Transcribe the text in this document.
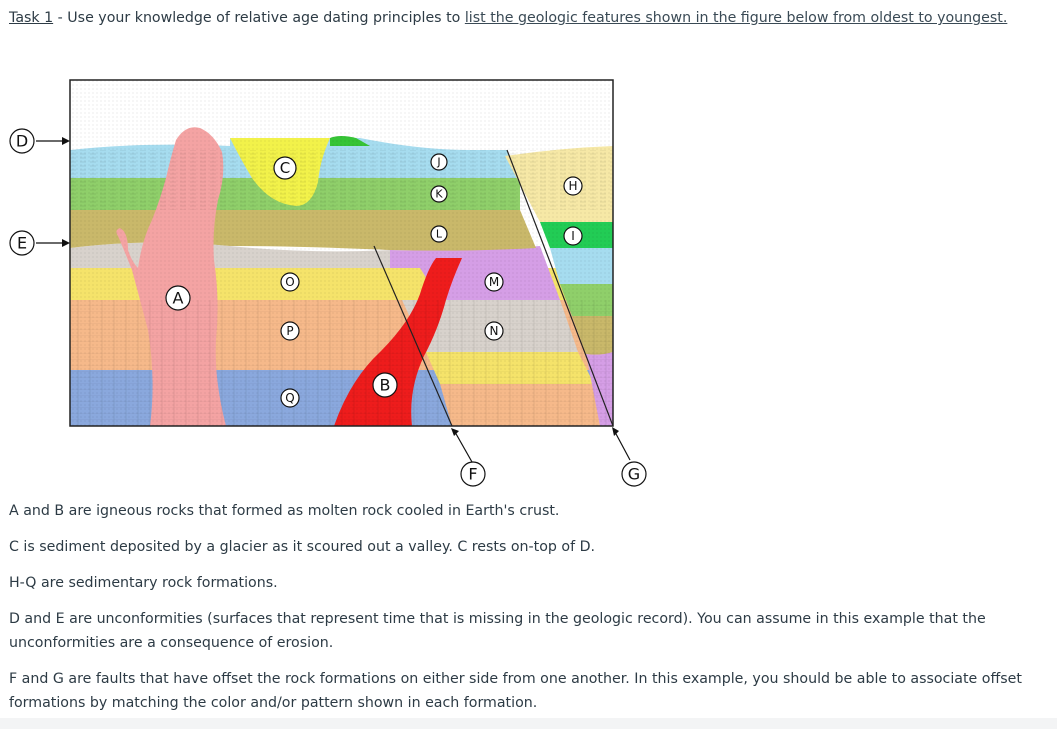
Task 1 - Use your knowledge of relative age dating principles to list the geologic features shown in the figure below from oldest to youngest.
D
E
F	G
A
B
C	J
K
L
H
I
M
N
O
P
Q
A and B are igneous rocks that formed as molten rock cooled in Earth's crust.
C is sediment deposited by a glacier as it scoured out a valley. C rests on-top of D.
H-Q are sedimentary rock formations.
D and E are unconformities (surfaces that represent time that is missing in the geologic record). You can assume in this example that the unconformities are a consequence of erosion.
F and G are faults that have offset the rock formations on either side from one another. In this example, you should be able to associate offset formations by matching the color and/or pattern shown in each formation.
